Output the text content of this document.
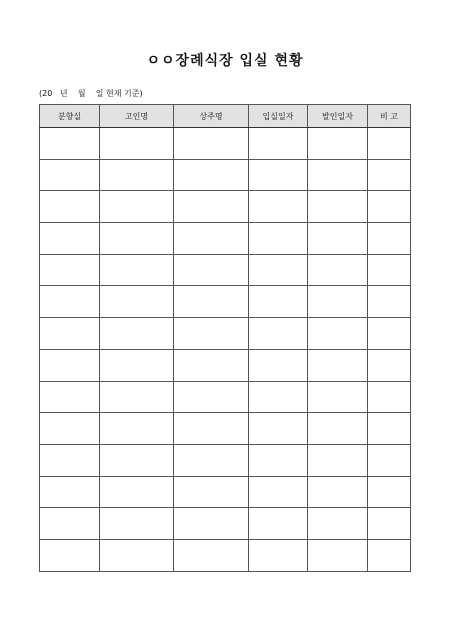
ㅇㅇ장례식장 입실 현황
(20   년    월    일 현재 기준)
분향실	고인명	상주명	입실일자	발인일자	비 고
